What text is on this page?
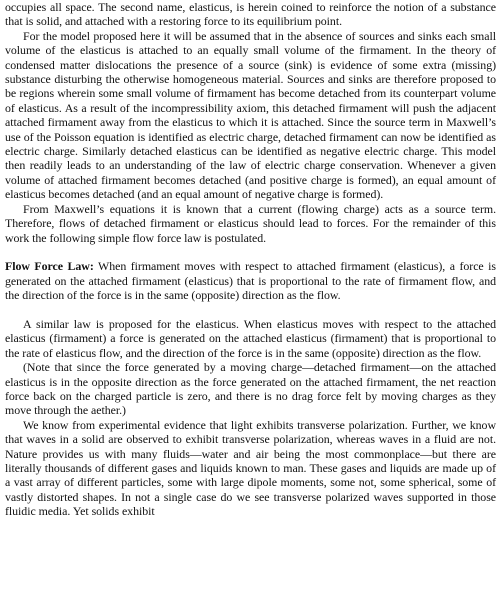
occupies all space. The second name, elasticus, is herein coined to reinforce the notion of a substance that is solid, and attached with a restoring force to its equilibrium point.

For the model proposed here it will be assumed that in the absence of sources and sinks each small volume of the elasticus is attached to an equally small volume of the firmament. In the theory of condensed matter dislocations the presence of a source (sink) is evidence of some extra (missing) substance disturbing the otherwise homogeneous material. Sources and sinks are therefore proposed to be regions wherein some small volume of firmament has become detached from its counterpart volume of elasticus. As a result of the incompressibility axiom, this detached firmament will push the adjacent attached firmament away from the elasticus to which it is attached. Since the source term in Maxwell’s use of the Poisson equation is identified as electric charge, detached firmament can now be identified as electric charge. Similarly detached elasticus can be identified as negative electric charge. This model then readily leads to an understanding of the law of electric charge conservation. Whenever a given volume of attached firmament becomes detached (and positive charge is formed), an equal amount of elasticus becomes detached (and an equal amount of negative charge is formed).

From Maxwell’s equations it is known that a current (flowing charge) acts as a source term. Therefore, flows of detached firmament or elasticus should lead to forces. For the remainder of this work the following simple flow force law is postulated.

Flow Force Law: When firmament moves with respect to attached firmament (elasticus), a force is generated on the attached firmament (elasticus) that is proportional to the rate of firmament flow, and the direction of the force is in the same (opposite) direction as the flow.

A similar law is proposed for the elasticus. When elasticus moves with respect to the attached elasticus (firmament) a force is generated on the attached elasticus (firmament) that is proportional to the rate of elasticus flow, and the direction of the force is in the same (opposite) direction as the flow.

(Note that since the force generated by a moving charge—detached firmament—on the attached elasticus is in the opposite direction as the force generated on the attached firmament, the net reaction force back on the charged particle is zero, and there is no drag force felt by moving charges as they move through the aether.)

We know from experimental evidence that light exhibits transverse polarization. Further, we know that waves in a solid are observed to exhibit transverse polarization, whereas waves in a fluid are not. Nature provides us with many fluids—water and air being the most commonplace—but there are literally thousands of different gases and liquids known to man. These gases and liquids are made up of a vast array of different particles, some with large dipole moments, some not, some spherical, some of vastly distorted shapes. In not a single case do we see transverse polarized waves supported in those fluidic media. Yet solids exhibit
